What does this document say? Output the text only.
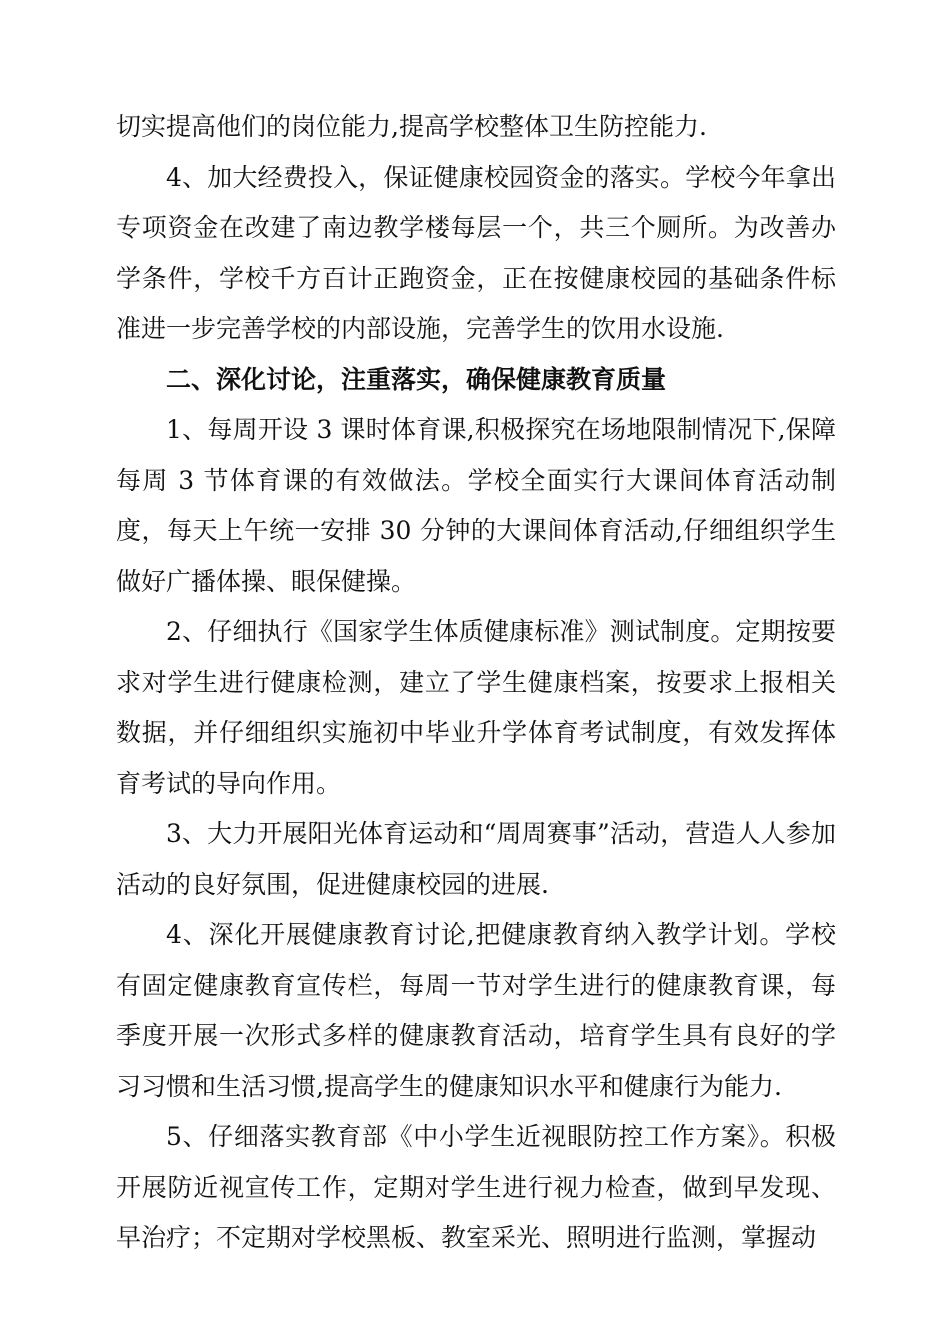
切实提高他们的岗位能力,提高学校整体卫生防控能力.

4、加大经费投入，保证健康校园资金的落实。学校今年拿出专项资金在改建了南边教学楼每层一个，共三个厕所。为改善办学条件，学校千方百计正跑资金，正在按健康校园的基础条件标准进一步完善学校的内部设施，完善学生的饮用水设施.

二、深化讨论，注重落实，确保健康教育质量

1、每周开设 3 课时体育课,积极探究在场地限制情况下,保障每周 3 节体育课的有效做法。学校全面实行大课间体育活动制度，每天上午统一安排 30 分钟的大课间体育活动,仔细组织学生做好广播体操、眼保健操。

2、仔细执行《国家学生体质健康标准》测试制度。定期按要求对学生进行健康检测，建立了学生健康档案，按要求上报相关数据，并仔细组织实施初中毕业升学体育考试制度，有效发挥体育考试的导向作用。

3、大力开展阳光体育运动和“周周赛事”活动，营造人人参加活动的良好氛围，促进健康校园的进展.

4、深化开展健康教育讨论,把健康教育纳入教学计划。学校有固定健康教育宣传栏，每周一节对学生进行的健康教育课，每季度开展一次形式多样的健康教育活动，培育学生具有良好的学习习惯和生活习惯,提高学生的健康知识水平和健康行为能力.

5、仔细落实教育部《中小学生近视眼防控工作方案》。积极开展防近视宣传工作，定期对学生进行视力检查，做到早发现、早治疗；不定期对学校黑板、教室采光、照明进行监测，掌握动
